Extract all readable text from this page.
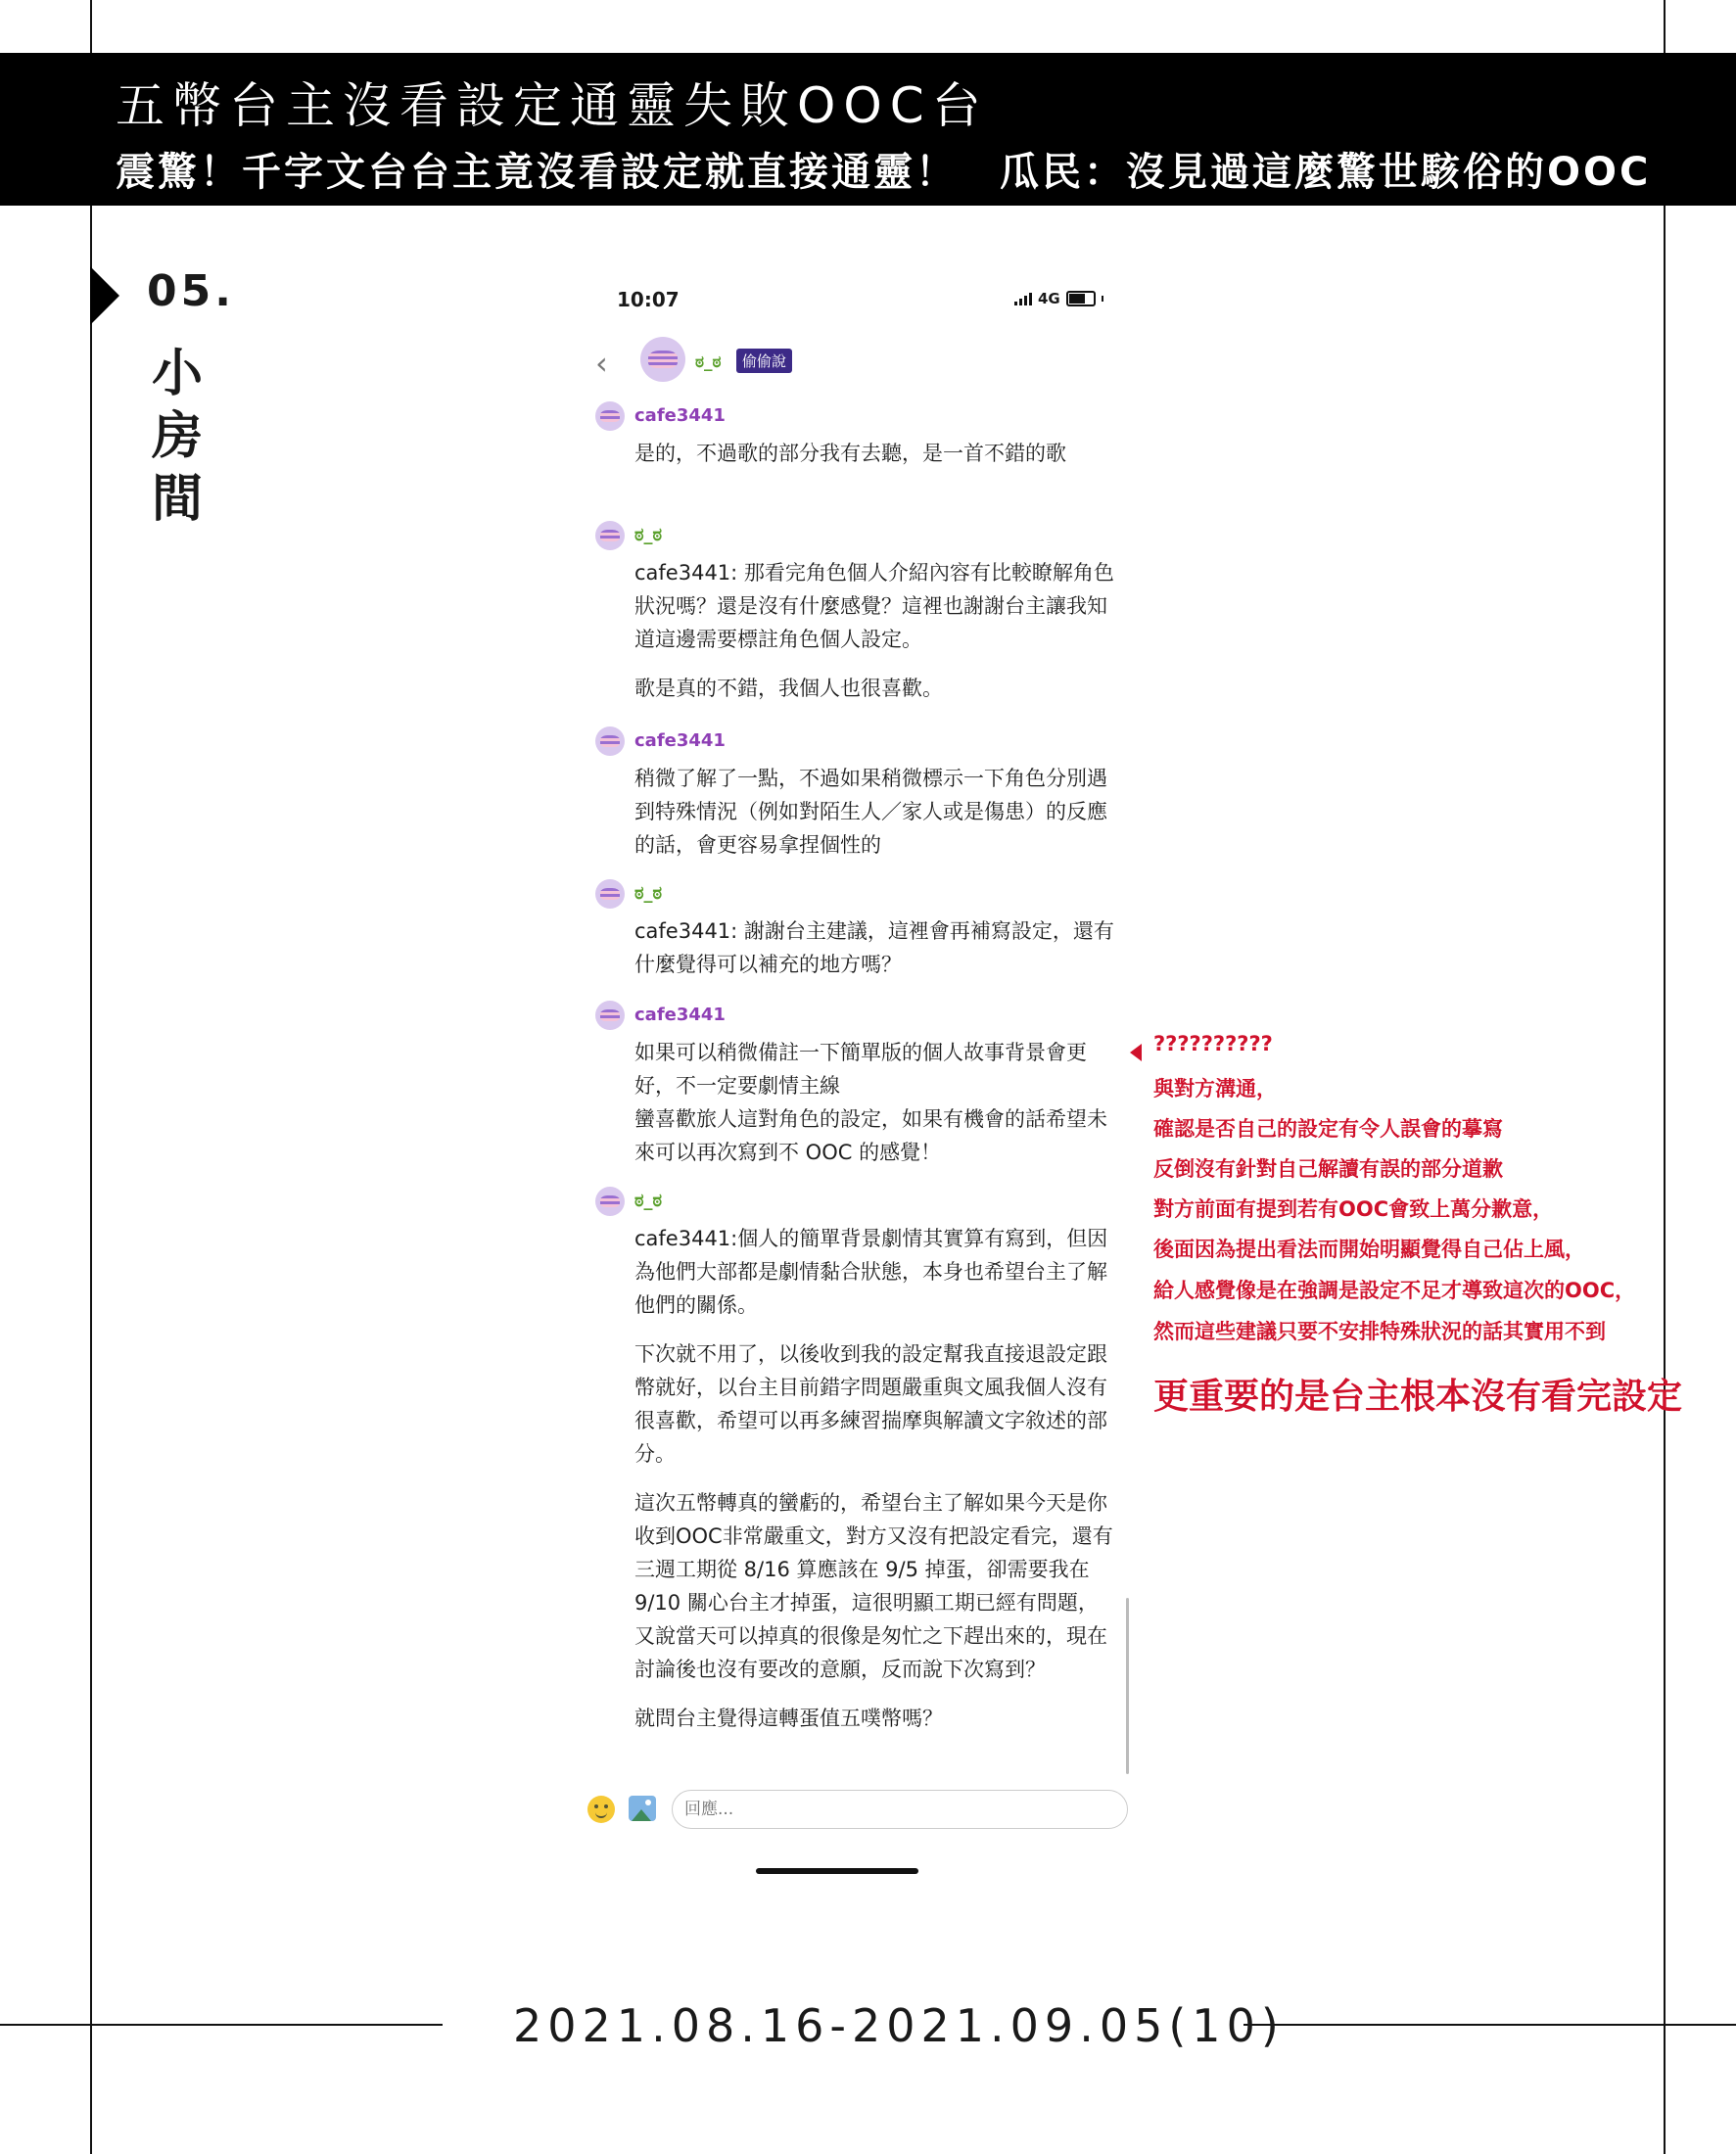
五幣台主沒看設定通靈失敗OOC台
震驚！千字文台台主竟沒看設定就直接通靈！　瓜民：沒見過這麼驚世駭俗的OOC
05.
小房間
10:07	4G
‹	ಠ_ಠ	偷偷說
cafe3441

是的，不過歌的部分我有去聽，是一首不錯的歌

ಠ_ಠ

cafe3441: 那看完角色個人介紹內容有比較瞭解角色狀況嗎？還是沒有什麼感覺？這裡也謝謝台主讓我知道這邊需要標註角色個人設定。

歌是真的不錯，我個人也很喜歡。

cafe3441

稍微了解了一點，不過如果稍微標示一下角色分別遇到特殊情況（例如對陌生人／家人或是傷患）的反應的話，會更容易拿捏個性的

ಠ_ಠ

cafe3441: 謝謝台主建議，這裡會再補寫設定，還有什麼覺得可以補充的地方嗎？

cafe3441

如果可以稍微備註一下簡單版的個人故事背景會更好，不一定要劇情主線

蠻喜歡旅人這對角色的設定，如果有機會的話希望未來可以再次寫到不 OOC 的感覺！

ಠ_ಠ

cafe3441:個人的簡單背景劇情其實算有寫到，但因為他們大部都是劇情黏合狀態，本身也希望台主了解他們的關係。

下次就不用了，以後收到我的設定幫我直接退設定跟幣就好，以台主目前錯字問題嚴重與文風我個人沒有很喜歡，希望可以再多練習揣摩與解讀文字敘述的部分。

這次五幣轉真的蠻虧的，希望台主了解如果今天是你收到OOC非常嚴重文，對方又沒有把設定看完，還有三週工期從 8/16 算應該在 9/5 掉蛋，卻需要我在 9/10 關心台主才掉蛋，這很明顯工期已經有問題，又說當天可以掉真的很像是匆忙之下趕出來的，現在討論後也沒有要改的意願，反而說下次寫到？

就問台主覺得這轉蛋值五噗幣嗎？

回應...
??????????
與對方溝通，
確認是否自己的設定有令人誤會的摹寫
反倒沒有針對自己解讀有誤的部分道歉
對方前面有提到若有OOC會致上萬分歉意，
後面因為提出看法而開始明顯覺得自己佔上風，
給人感覺像是在強調是設定不足才導致這次的OOC，
然而這些建議只要不安排特殊狀況的話其實用不到
更重要的是台主根本沒有看完設定
2021.08.16-2021.09.05(10)
